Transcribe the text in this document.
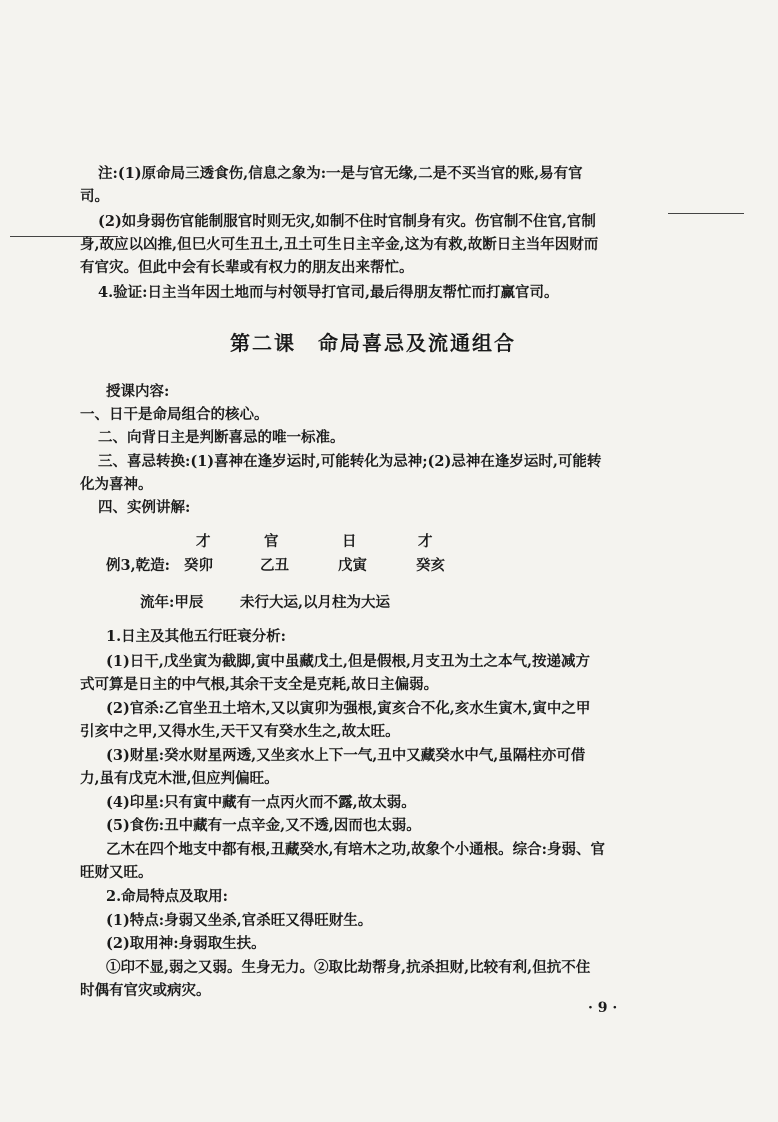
注:(1)原命局三透食伤,信息之象为:一是与官无缘,二是不买当官的账,易有官
司。
(2)如身弱伤官能制服官时则无灾,如制不住时官制身有灾。伤官制不住官,官制
身,故应以凶推,但巳火可生丑土,丑土可生日主辛金,这为有救,故断日主当年因财而
有官灾。但此中会有长辈或有权力的朋友出来帮忙。
4.验证:日主当年因土地而与村领导打官司,最后得朋友帮忙而打赢官司。
第二课　命局喜忌及流通组合
授课内容:
一、日干是命局组合的核心。
二、向背日主是判断喜忌的唯一标准。
三、喜忌转换:(1)喜神在逢岁运时,可能转化为忌神;(2)忌神在逢岁运时,可能转
化为喜神。
四、实例讲解:
才	官	日	才
例3,乾造: 癸卯	乙丑	戊寅	癸亥
流年:甲辰	未行大运,以月柱为大运
1.日主及其他五行旺衰分析:
(1)日干,戊坐寅为截脚,寅中虽藏戊土,但是假根,月支丑为土之本气,按递减方
式可算是日主的中气根,其余干支全是克耗,故日主偏弱。
(2)官杀:乙官坐丑土培木,又以寅卯为强根,寅亥合不化,亥水生寅木,寅中之甲
引亥中之甲,又得水生,天干又有癸水生之,故太旺。
(3)财星:癸水财星两透,又坐亥水上下一气,丑中又藏癸水中气,虽隔柱亦可借
力,虽有戊克木泄,但应判偏旺。
(4)印星:只有寅中藏有一点丙火而不露,故太弱。
(5)食伤:丑中藏有一点辛金,又不透,因而也太弱。
乙木在四个地支中都有根,丑藏癸水,有培木之功,故象个小通根。综合:身弱、官
旺财又旺。
2.命局特点及取用:
(1)特点:身弱又坐杀,官杀旺又得旺财生。
(2)取用神:身弱取生扶。
①印不显,弱之又弱。生身无力。②取比劫帮身,抗杀担财,比较有利,但抗不住
时偶有官灾或病灾。
· 9 ·
